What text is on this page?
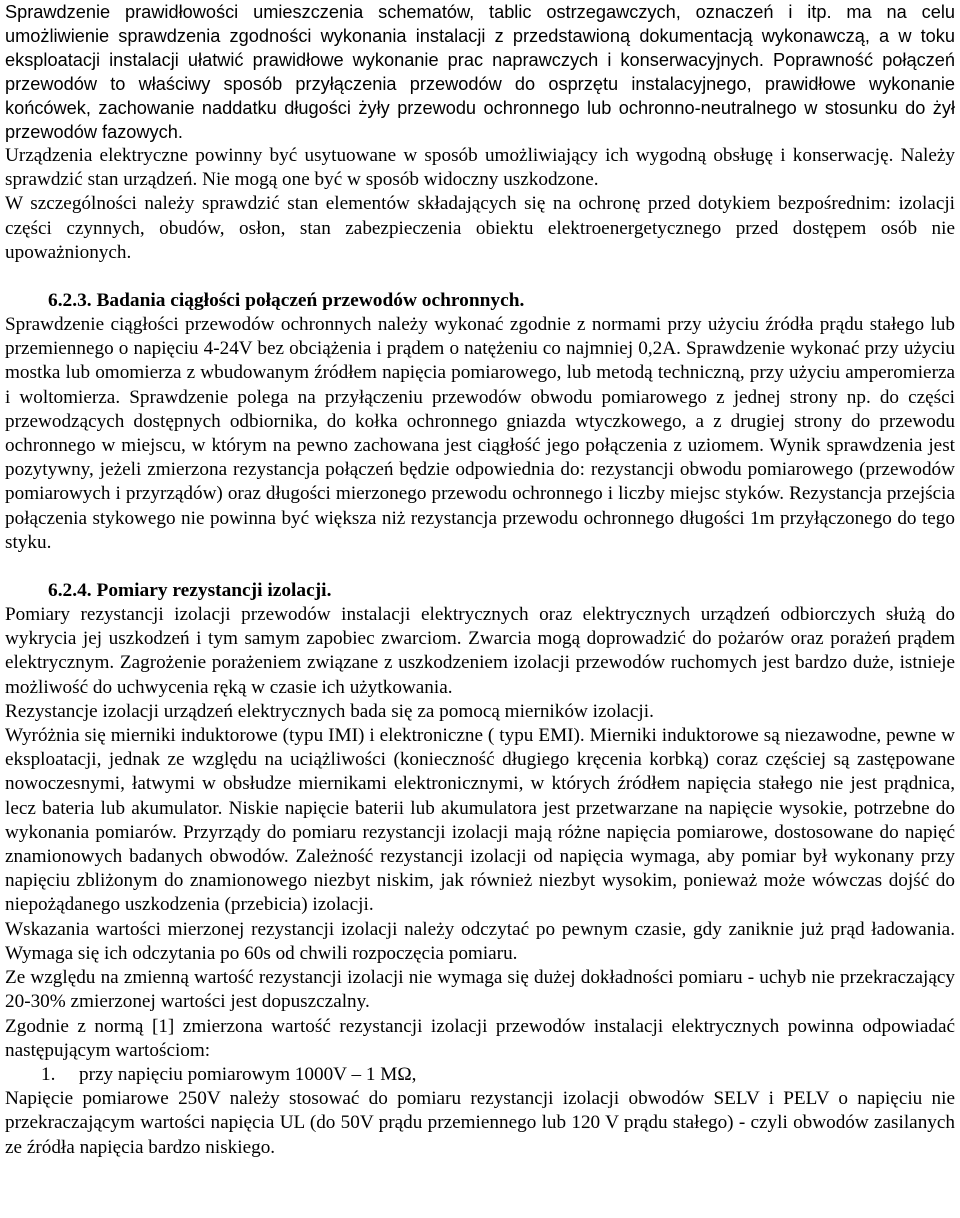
Sprawdzenie prawidłowości umieszczenia schematów, tablic ostrzegawczych, oznaczeń i itp. ma na celu umożliwienie sprawdzenia zgodności wykonania instalacji z przedstawioną dokumentacją wykonawczą, a w toku eksploatacji instalacji ułatwić prawidłowe wykonanie prac naprawczych i konserwacyjnych. Poprawność połączeń przewodów to właściwy sposób przyłączenia przewodów do osprzętu instalacyjnego, prawidłowe wykonanie końcówek, zachowanie naddatku długości żyły przewodu ochronnego lub ochronno-neutralnego w stosunku do żył przewodów fazowych.

Urządzenia elektryczne powinny być usytuowane w sposób umożliwiający ich wygodną obsługę i konserwację. Należy sprawdzić stan urządzeń. Nie mogą one być w sposób widoczny uszkodzone.

W szczególności należy sprawdzić stan elementów składających się na ochronę przed dotykiem bezpośrednim: izolacji części czynnych, obudów, osłon, stan zabezpieczenia obiektu elektroenergetycznego przed dostępem osób nie upoważnionych.

6.2.3. Badania ciągłości połączeń przewodów ochronnych.

Sprawdzenie ciągłości przewodów ochronnych należy wykonać zgodnie z normami przy użyciu źródła prądu stałego lub przemiennego o napięciu 4-24V bez obciążenia i prądem o natężeniu co najmniej 0,2A. Sprawdzenie wykonać przy użyciu mostka lub omomierza z wbudowanym źródłem napięcia pomiarowego, lub metodą techniczną, przy użyciu amperomierza i woltomierza. Sprawdzenie polega na przyłączeniu przewodów obwodu pomiarowego z jednej strony np. do części przewodzących dostępnych odbiornika, do kołka ochronnego gniazda wtyczkowego, a z drugiej strony do przewodu ochronnego w miejscu, w którym na pewno zachowana jest ciągłość jego połączenia z uziomem. Wynik sprawdzenia jest pozytywny, jeżeli zmierzona rezystancja połączeń będzie odpowiednia do: rezystancji obwodu pomiarowego (przewodów pomiarowych i przyrządów) oraz długości mierzonego przewodu ochronnego i liczby miejsc styków. Rezystancja przejścia połączenia stykowego nie powinna być większa niż rezystancja przewodu ochronnego długości 1m przyłączonego do tego styku.

6.2.4. Pomiary rezystancji izolacji.

Pomiary rezystancji izolacji przewodów instalacji elektrycznych oraz elektrycznych urządzeń odbiorczych służą do wykrycia jej uszkodzeń i tym samym zapobiec zwarciom. Zwarcia mogą doprowadzić do pożarów oraz porażeń prądem elektrycznym. Zagrożenie porażeniem związane z uszkodzeniem izolacji przewodów ruchomych jest bardzo duże, istnieje możliwość do uchwycenia ręką w czasie ich użytkowania.

Rezystancje izolacji urządzeń elektrycznych bada się za pomocą mierników izolacji.

Wyróżnia się mierniki induktorowe (typu IMI) i elektroniczne ( typu EMI). Mierniki induktorowe są niezawodne, pewne w eksploatacji, jednak ze względu na uciążliwości (konieczność długiego kręcenia korbką) coraz częściej są zastępowane nowoczesnymi, łatwymi w obsłudze miernikami elektronicznymi, w których źródłem napięcia stałego nie jest prądnica, lecz bateria lub akumulator. Niskie napięcie baterii lub akumulatora jest przetwarzane na napięcie wysokie, potrzebne do wykonania pomiarów. Przyrządy do pomiaru rezystancji izolacji mają różne napięcia pomiarowe, dostosowane do napięć znamionowych badanych obwodów. Zależność rezystancji izolacji od napięcia wymaga, aby pomiar był wykonany przy napięciu zbliżonym do znamionowego niezbyt niskim, jak również niezbyt wysokim, ponieważ może wówczas dojść do niepożądanego uszkodzenia (przebicia) izolacji.

Wskazania wartości mierzonej rezystancji izolacji należy odczytać po pewnym czasie, gdy zaniknie już prąd ładowania. Wymaga się ich odczytania po 60s od chwili rozpoczęcia pomiaru.

Ze względu na zmienną wartość rezystancji izolacji nie wymaga się dużej dokładności pomiaru - uchyb nie przekraczający 20-30% zmierzonej wartości jest dopuszczalny.

Zgodnie z normą [1] zmierzona wartość rezystancji izolacji przewodów instalacji elektrycznych powinna odpowiadać następującym wartościom:

1. przy napięciu pomiarowym 1000V – 1 MΩ,

Napięcie pomiarowe 250V należy stosować do pomiaru rezystancji izolacji obwodów SELV i PELV o napięciu nie przekraczającym wartości napięcia UL (do 50V prądu przemiennego lub 120 V prądu stałego) - czyli obwodów zasilanych ze źródła napięcia bardzo niskiego.
